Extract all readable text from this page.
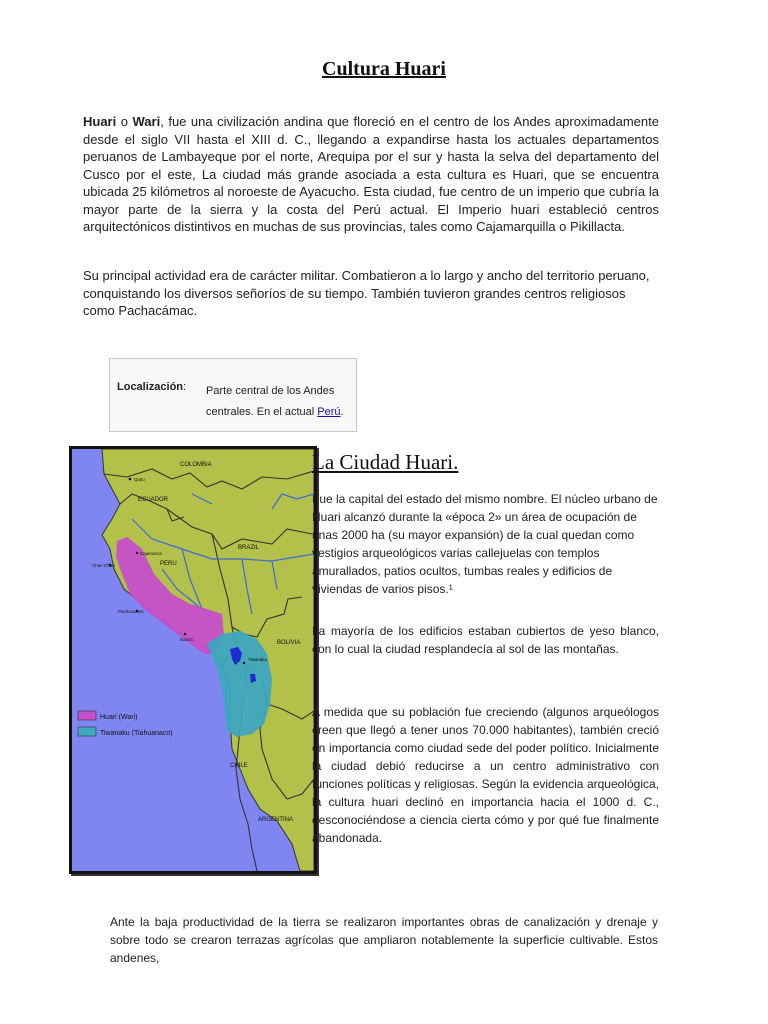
Cultura Huari

Huari o Wari, fue una civilización andina que floreció en el centro de los Andes aproximadamente desde el siglo VII hasta el XIII d. C., llegando a expandirse hasta los actuales departamentos peruanos de Lambayeque por el norte, Arequipa por el sur y hasta la selva del departamento del Cusco por el este, La ciudad más grande asociada a esta cultura es Huari, que se encuentra ubicada 25 kilómetros al noroeste de Ayacucho. Esta ciudad, fue centro de un imperio que cubría la mayor parte de la sierra y la costa del Perú actual. El Imperio huari estableció centros arquitectónicos distintivos en muchas de sus provincias, tales como Cajamarquilla o Pikillacta.

Su principal actividad era de carácter militar. Combatieron a lo largo y ancho del territorio peruano, conquistando los diversos señoríos de su tiempo. También tuvieron grandes centros religiosos como Pachacámac.

Localización: Parte central de los Andes centrales. En el actual Perú.
Huari (Wari)
Tiwanaku (Tiahuanaco)
COLOMBIA
ECUADOR
PERU
BRAZIL
BOLIVIA
CHILE
ARGENTINA
Quito
Cajamarca
Chan Chan
Pachacamac
Nazca
Tiwanaku
La Ciudad Huari.

Fue la capital del estado del mismo nombre. El núcleo urbano de Huari alcanzó durante la «época 2» un área de ocupación de unas 2000 ha (su mayor expansión) de la cual quedan como vestigios arqueológicos varias callejuelas con templos amurallados, patios ocultos, tumbas reales y edificios de viviendas de varios pisos.¹

La mayoría de los edificios estaban cubiertos de yeso blanco, con lo cual la ciudad resplandecía al sol de las montañas.

A medida que su población fue creciendo (algunos arqueólogos creen que llegó a tener unos 70.000 habitantes), también creció en importancia como ciudad sede del poder político. Inicialmente la ciudad debió reducirse a un centro administrativo con funciones políticas y religiosas. Según la evidencia arqueológica, la cultura huari declinó en importancia hacia el 1000 d. C., desconociéndose a ciencia cierta cómo y por qué fue finalmente abandonada.

Ante la baja productividad de la tierra se realizaron importantes obras de canalización y drenaje y sobre todo se crearon terrazas agrícolas que ampliaron notablemente la superficie cultivable. Estos andenes,
